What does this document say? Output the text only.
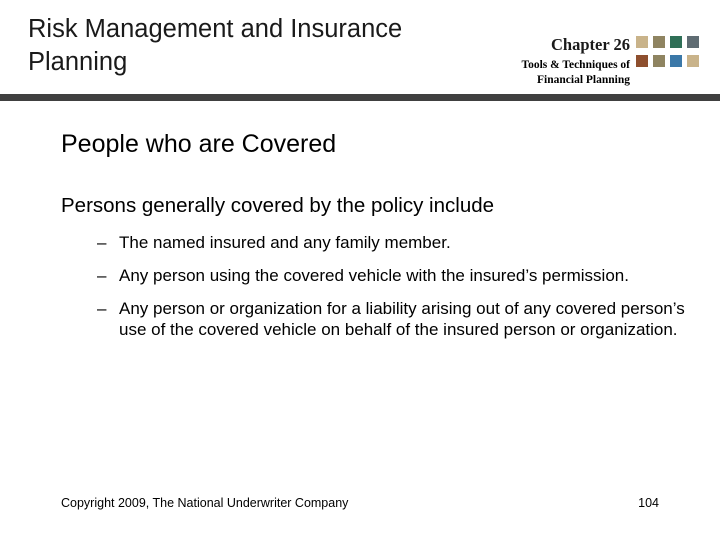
Risk Management and Insurance Planning
Chapter 26
Tools & Techniques of
Financial Planning
People who are Covered
Persons generally covered by the policy include
– The named insured and any family member.
– Any person using the covered vehicle with the insured’s permission.
– Any person or organization for a liability arising out of any covered person’s use of the covered vehicle on behalf of the insured person or organization.
Copyright 2009, The National Underwriter Company	104
